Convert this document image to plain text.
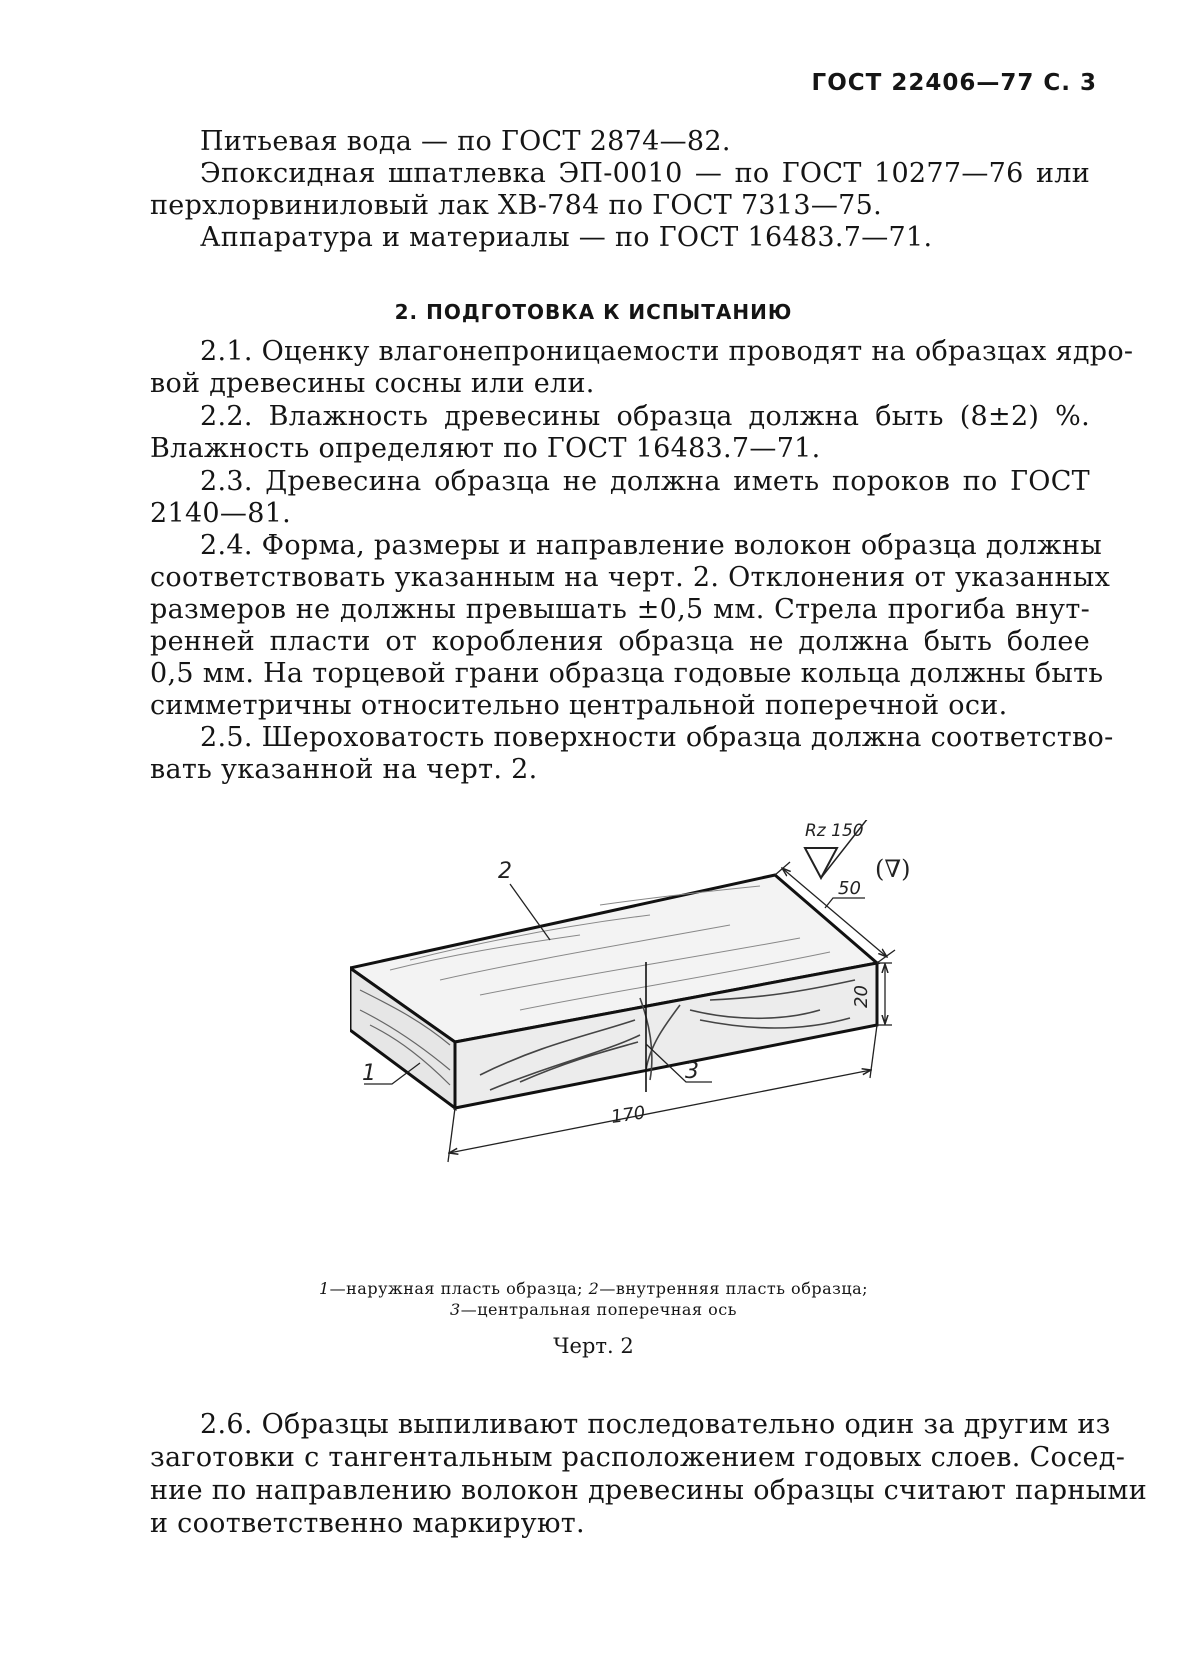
ГОСТ 22406—77 С. 3
Питьевая вода — по ГОСТ 2874—82.
Эпоксидная шпатлевка ЭП-0010 — по ГОСТ 10277—76 или
перхлорвиниловый лак ХВ-784 по ГОСТ 7313—75.
Аппаратура и материалы — по ГОСТ 16483.7—71.
2. ПОДГОТОВКА К ИСПЫТАНИЮ
2.1. Оценку влагонепроницаемости проводят на образцах ядро-
вой древесины сосны или ели.
2.2. Влажность древесины образца должна быть (8±2) %.
Влажность определяют по ГОСТ 16483.7—71.
2.3. Древесина образца не должна иметь пороков по ГОСТ
2140—81.
2.4. Форма, размеры и направление волокон образца должны
соответствовать указанным на черт. 2. Отклонения от указанных
размеров не должны превышать ±0,5 мм. Стрела прогиба внут-
ренней пласти от коробления образца не должна быть более
0,5 мм. На торцевой грани образца годовые кольца должны быть
симметричны относительно центральной поперечной оси.
2.5. Шероховатость поверхности образца должна соответство-
вать указанной на черт. 2.
Rz 150
(∇)
50
20
170
1
2
3
1—наружная пласть образца; 2—внутренняя пласть образца;
3—центральная поперечная ось
Черт. 2
2.6. Образцы выпиливают последовательно один за другим из
заготовки с тангентальным расположением годовых слоев. Сосед-
ние по направлению волокон древесины образцы считают парными
и соответственно маркируют.
